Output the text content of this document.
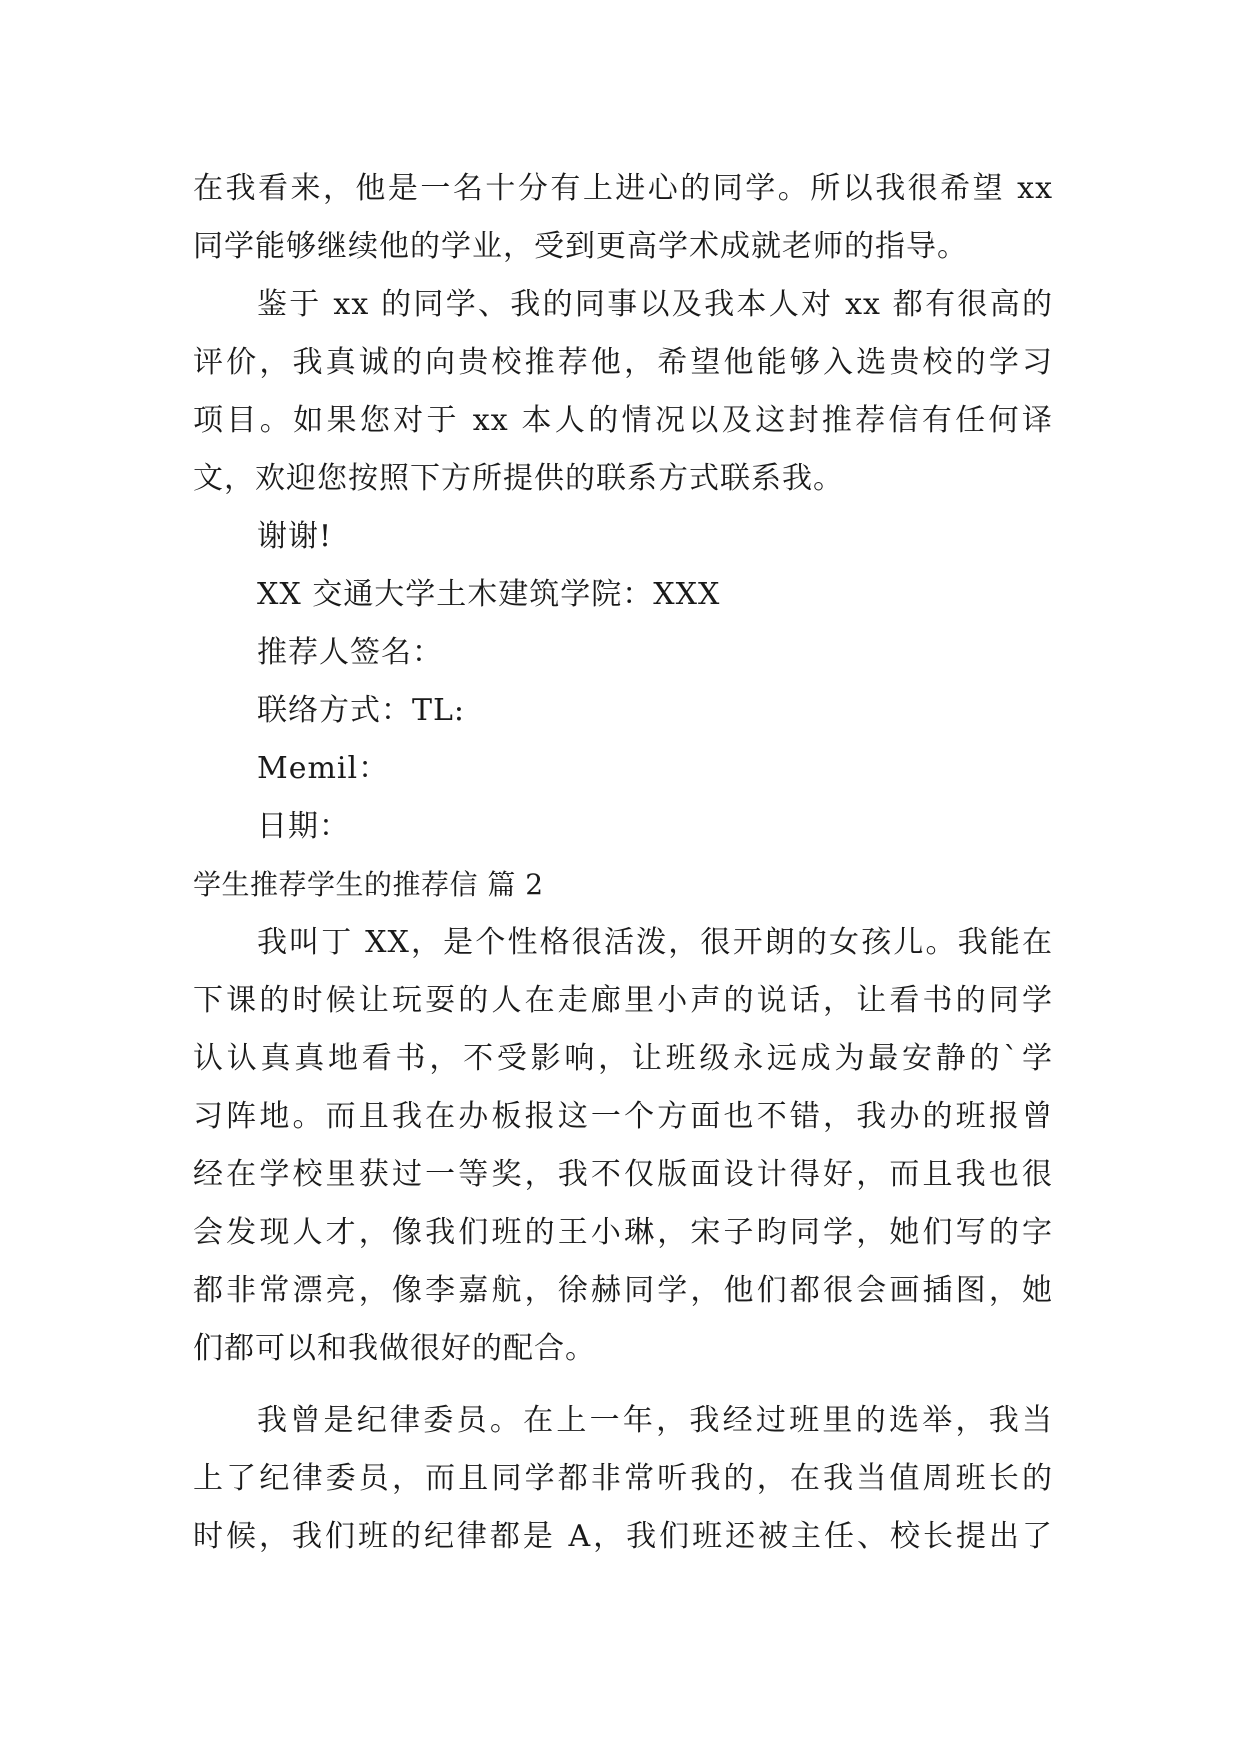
在我看来，他是一名十分有上进心的同学。所以我很希望 xx
同学能够继续他的学业，受到更高学术成就老师的指导。
鉴于 xx 的同学、我的同事以及我本人对 xx 都有很高的
评价，我真诚的向贵校推荐他，希望他能够入选贵校的学习
项目。如果您对于 xx 本人的情况以及这封推荐信有任何译
文，欢迎您按照下方所提供的联系方式联系我。
谢谢!
XX 交通大学土木建筑学院：XXX
推荐人签名：
联络方式：TL:
Memil：
日期：
学生推荐学生的推荐信 篇 2
我叫丁 XX，是个性格很活泼，很开朗的女孩儿。我能在
下课的时候让玩耍的人在走廊里小声的说话，让看书的同学
认认真真地看书，不受影响，让班级永远成为最安静的`学
习阵地。而且我在办板报这一个方面也不错，我办的班报曾
经在学校里获过一等奖，我不仅版面设计得好，而且我也很
会发现人才，像我们班的王小琳，宋子昀同学，她们写的字
都非常漂亮，像李嘉航，徐赫同学，他们都很会画插图，她
们都可以和我做很好的配合。
我曾是纪律委员。在上一年，我经过班里的选举，我当
上了纪律委员，而且同学都非常听我的，在我当值周班长的
时候，我们班的纪律都是 A，我们班还被主任、校长提出了
